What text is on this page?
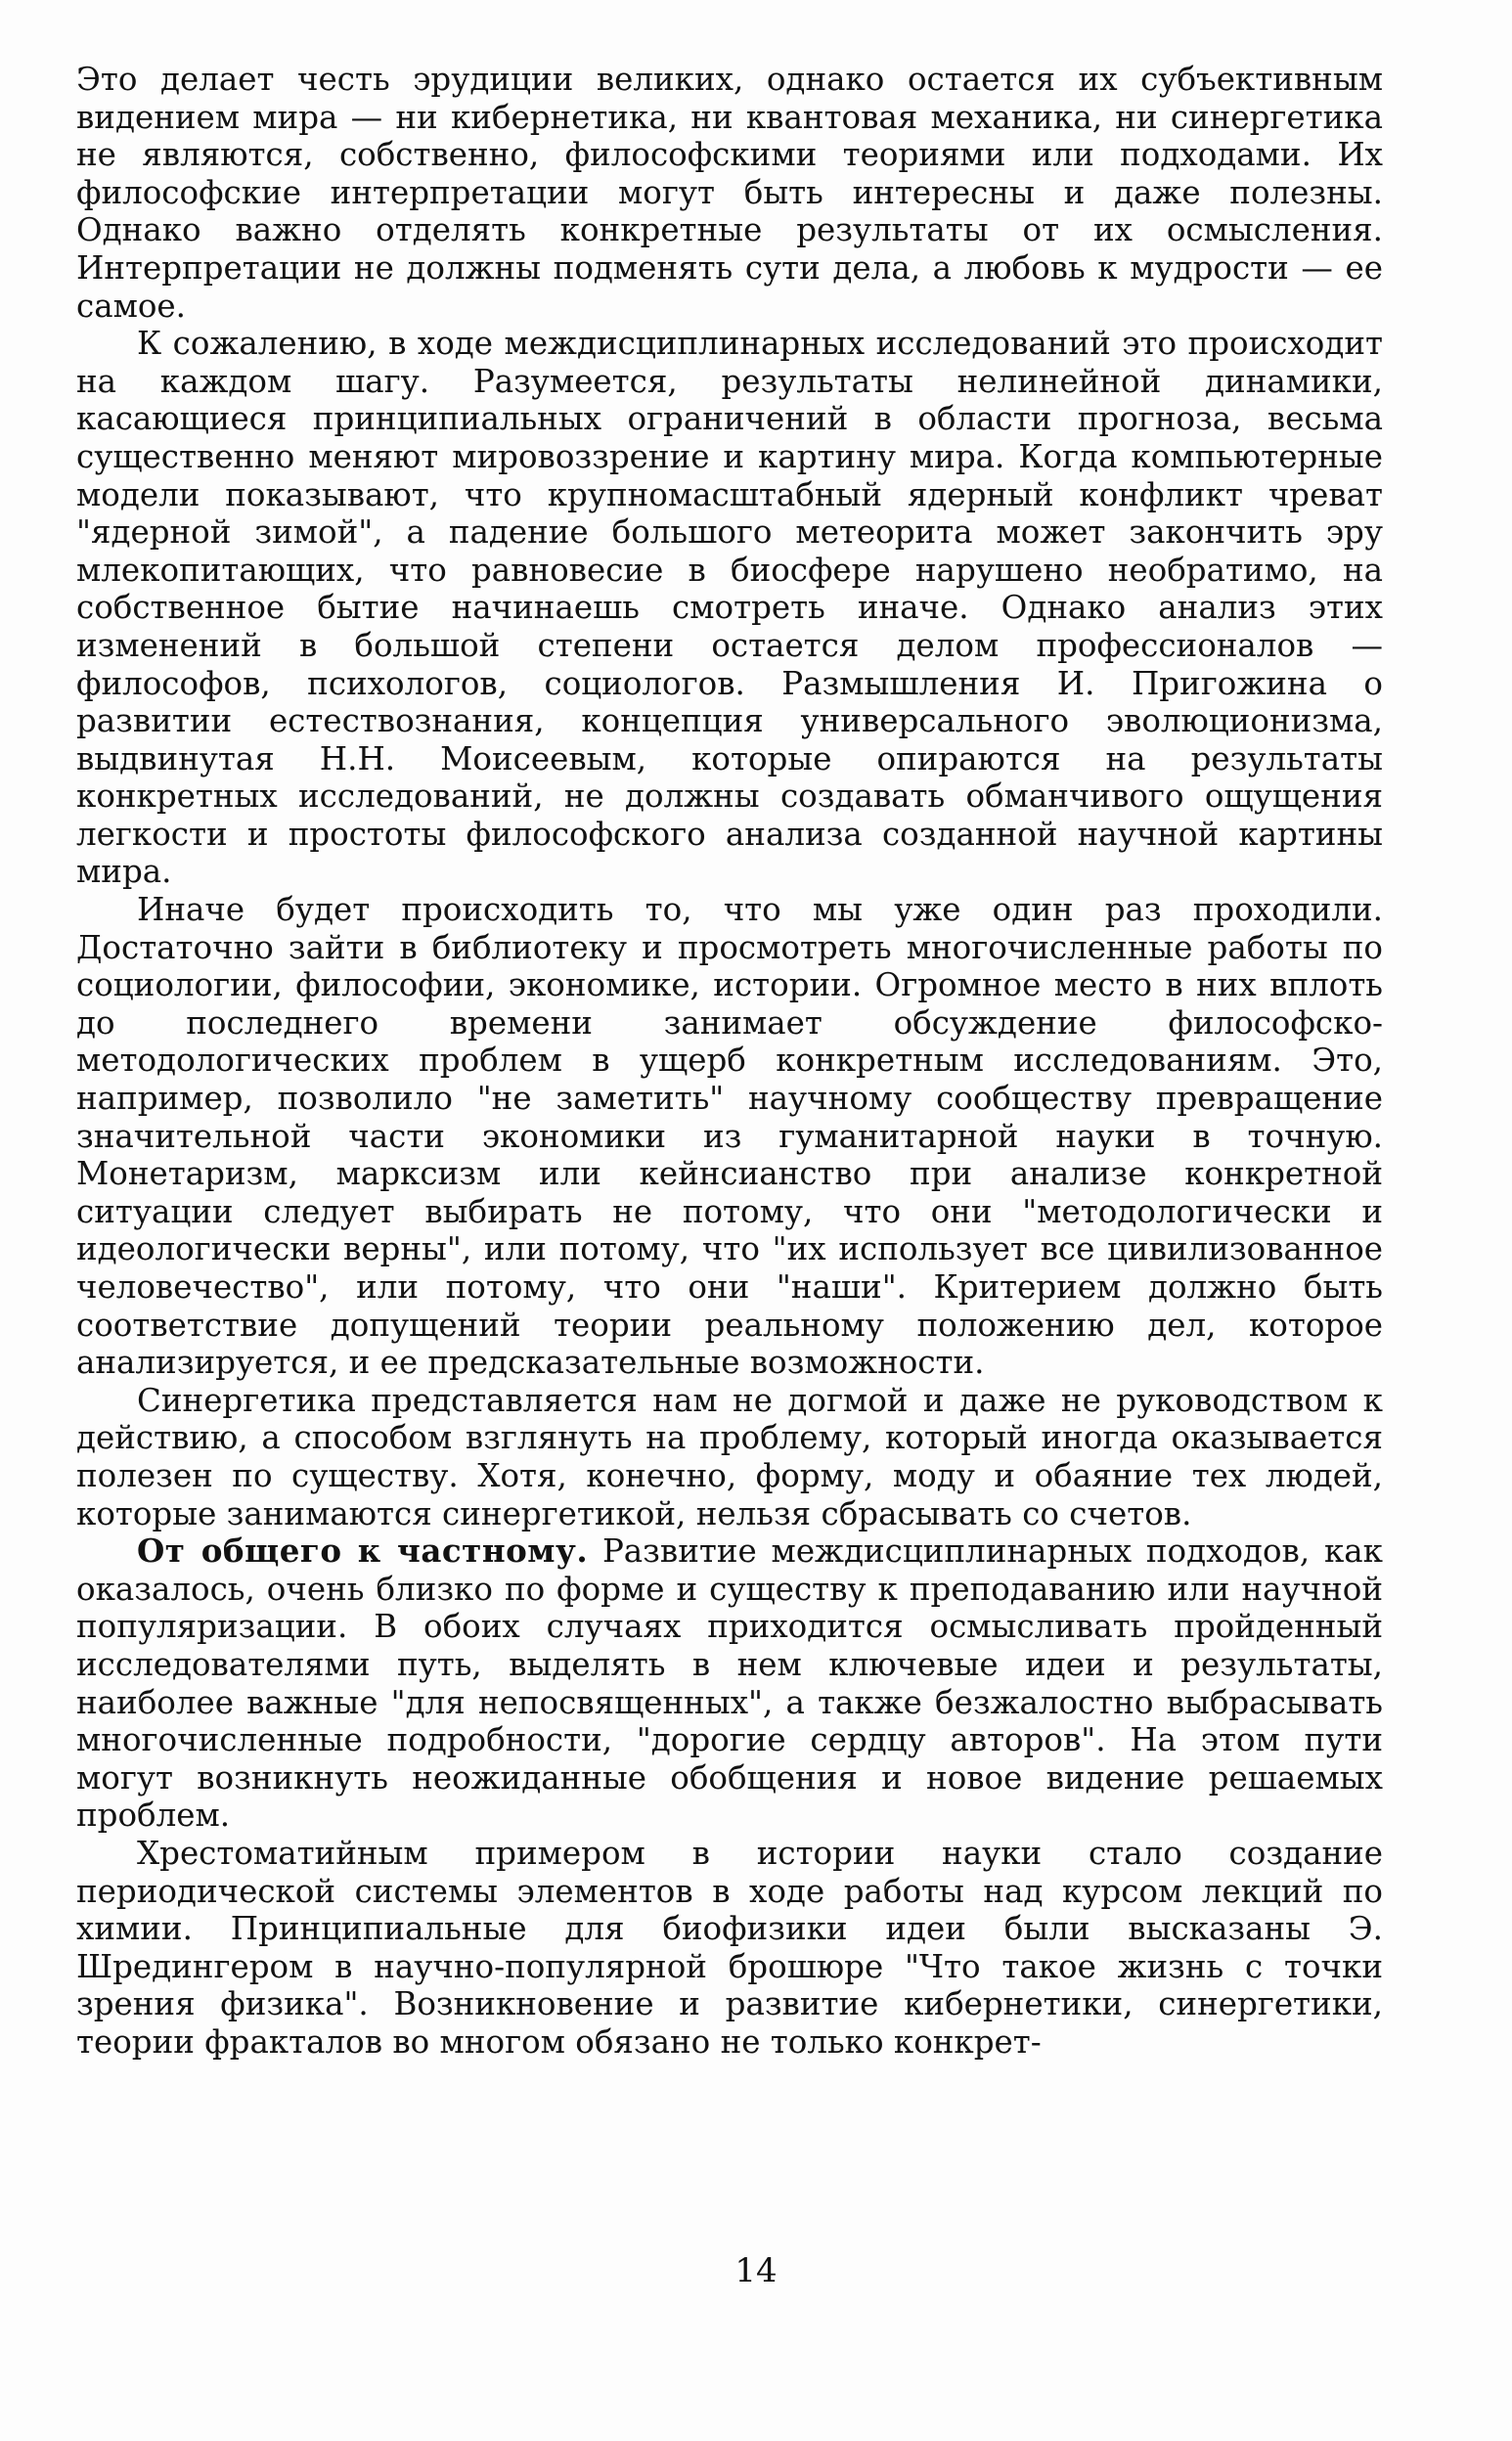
Это делает честь эрудиции великих, однако остается их субъективным видением мира — ни кибернетика, ни квантовая механика, ни синергетика не являются, собственно, философскими теориями или подходами. Их философские интерпретации могут быть интересны и даже полезны. Однако важно отделять конкретные результаты от их осмысления. Интерпретации не должны подменять сути дела, а любовь к мудрости — ее самое.

К сожалению, в ходе междисциплинарных исследований это происходит на каждом шагу. Разумеется, результаты нелинейной динамики, касающиеся принципиальных ограничений в области прогноза, весьма существенно меняют мировоззрение и картину мира. Когда компьютерные модели показывают, что крупномасштабный ядерный конфликт чреват "ядерной зимой", а падение большого метеорита может закончить эру млекопитающих, что равновесие в биосфере нарушено необратимо, на собственное бытие начинаешь смотреть иначе. Однако анализ этих изменений в большой степени остается делом профессионалов — философов, психологов, социологов. Размышления И. Пригожина о развитии естествознания, концепция универсального эволюционизма, выдвинутая Н.Н. Моисеевым, которые опираются на результаты конкретных исследований, не должны создавать обманчивого ощущения легкости и простоты философского анализа созданной научной картины мира.

Иначе будет происходить то, что мы уже один раз проходили. Достаточно зайти в библиотеку и просмотреть многочисленные работы по социологии, философии, экономике, истории. Огромное место в них вплоть до последнего времени занимает обсуждение философско-методологических проблем в ущерб конкретным исследованиям. Это, например, позволило "не заметить" научному сообществу превращение значительной части экономики из гуманитарной науки в точную. Монетаризм, марксизм или кейнсианство при анализе конкретной ситуации следует выбирать не потому, что они "методологически и идеологически верны", или потому, что "их использует все цивилизованное человечество", или потому, что они "наши". Критерием должно быть соответствие допущений теории реальному положению дел, которое анализируется, и ее предсказательные возможности.

Синергетика представляется нам не догмой и даже не руководством к действию, а способом взглянуть на проблему, который иногда оказывается полезен по существу. Хотя, конечно, форму, моду и обаяние тех людей, которые занимаются синергетикой, нельзя сбрасывать со счетов.

От общего к частному. Развитие междисциплинарных подходов, как оказалось, очень близко по форме и существу к преподаванию или научной популяризации. В обоих случаях приходится осмысливать пройденный исследователями путь, выделять в нем ключевые идеи и результаты, наиболее важные "для непосвященных", а также безжалостно выбрасывать многочисленные подробности, "дорогие сердцу авторов". На этом пути могут возникнуть неожиданные обобщения и новое видение решаемых проблем.

Хрестоматийным примером в истории науки стало создание периодической системы элементов в ходе работы над курсом лекций по химии. Принципиальные для биофизики идеи были высказаны Э. Шредингером в научно-популярной брошюре "Что такое жизнь с точки зрения физика". Возникновение и развитие кибернетики, синергетики, теории фракталов во многом обязано не только конкрет-

14
